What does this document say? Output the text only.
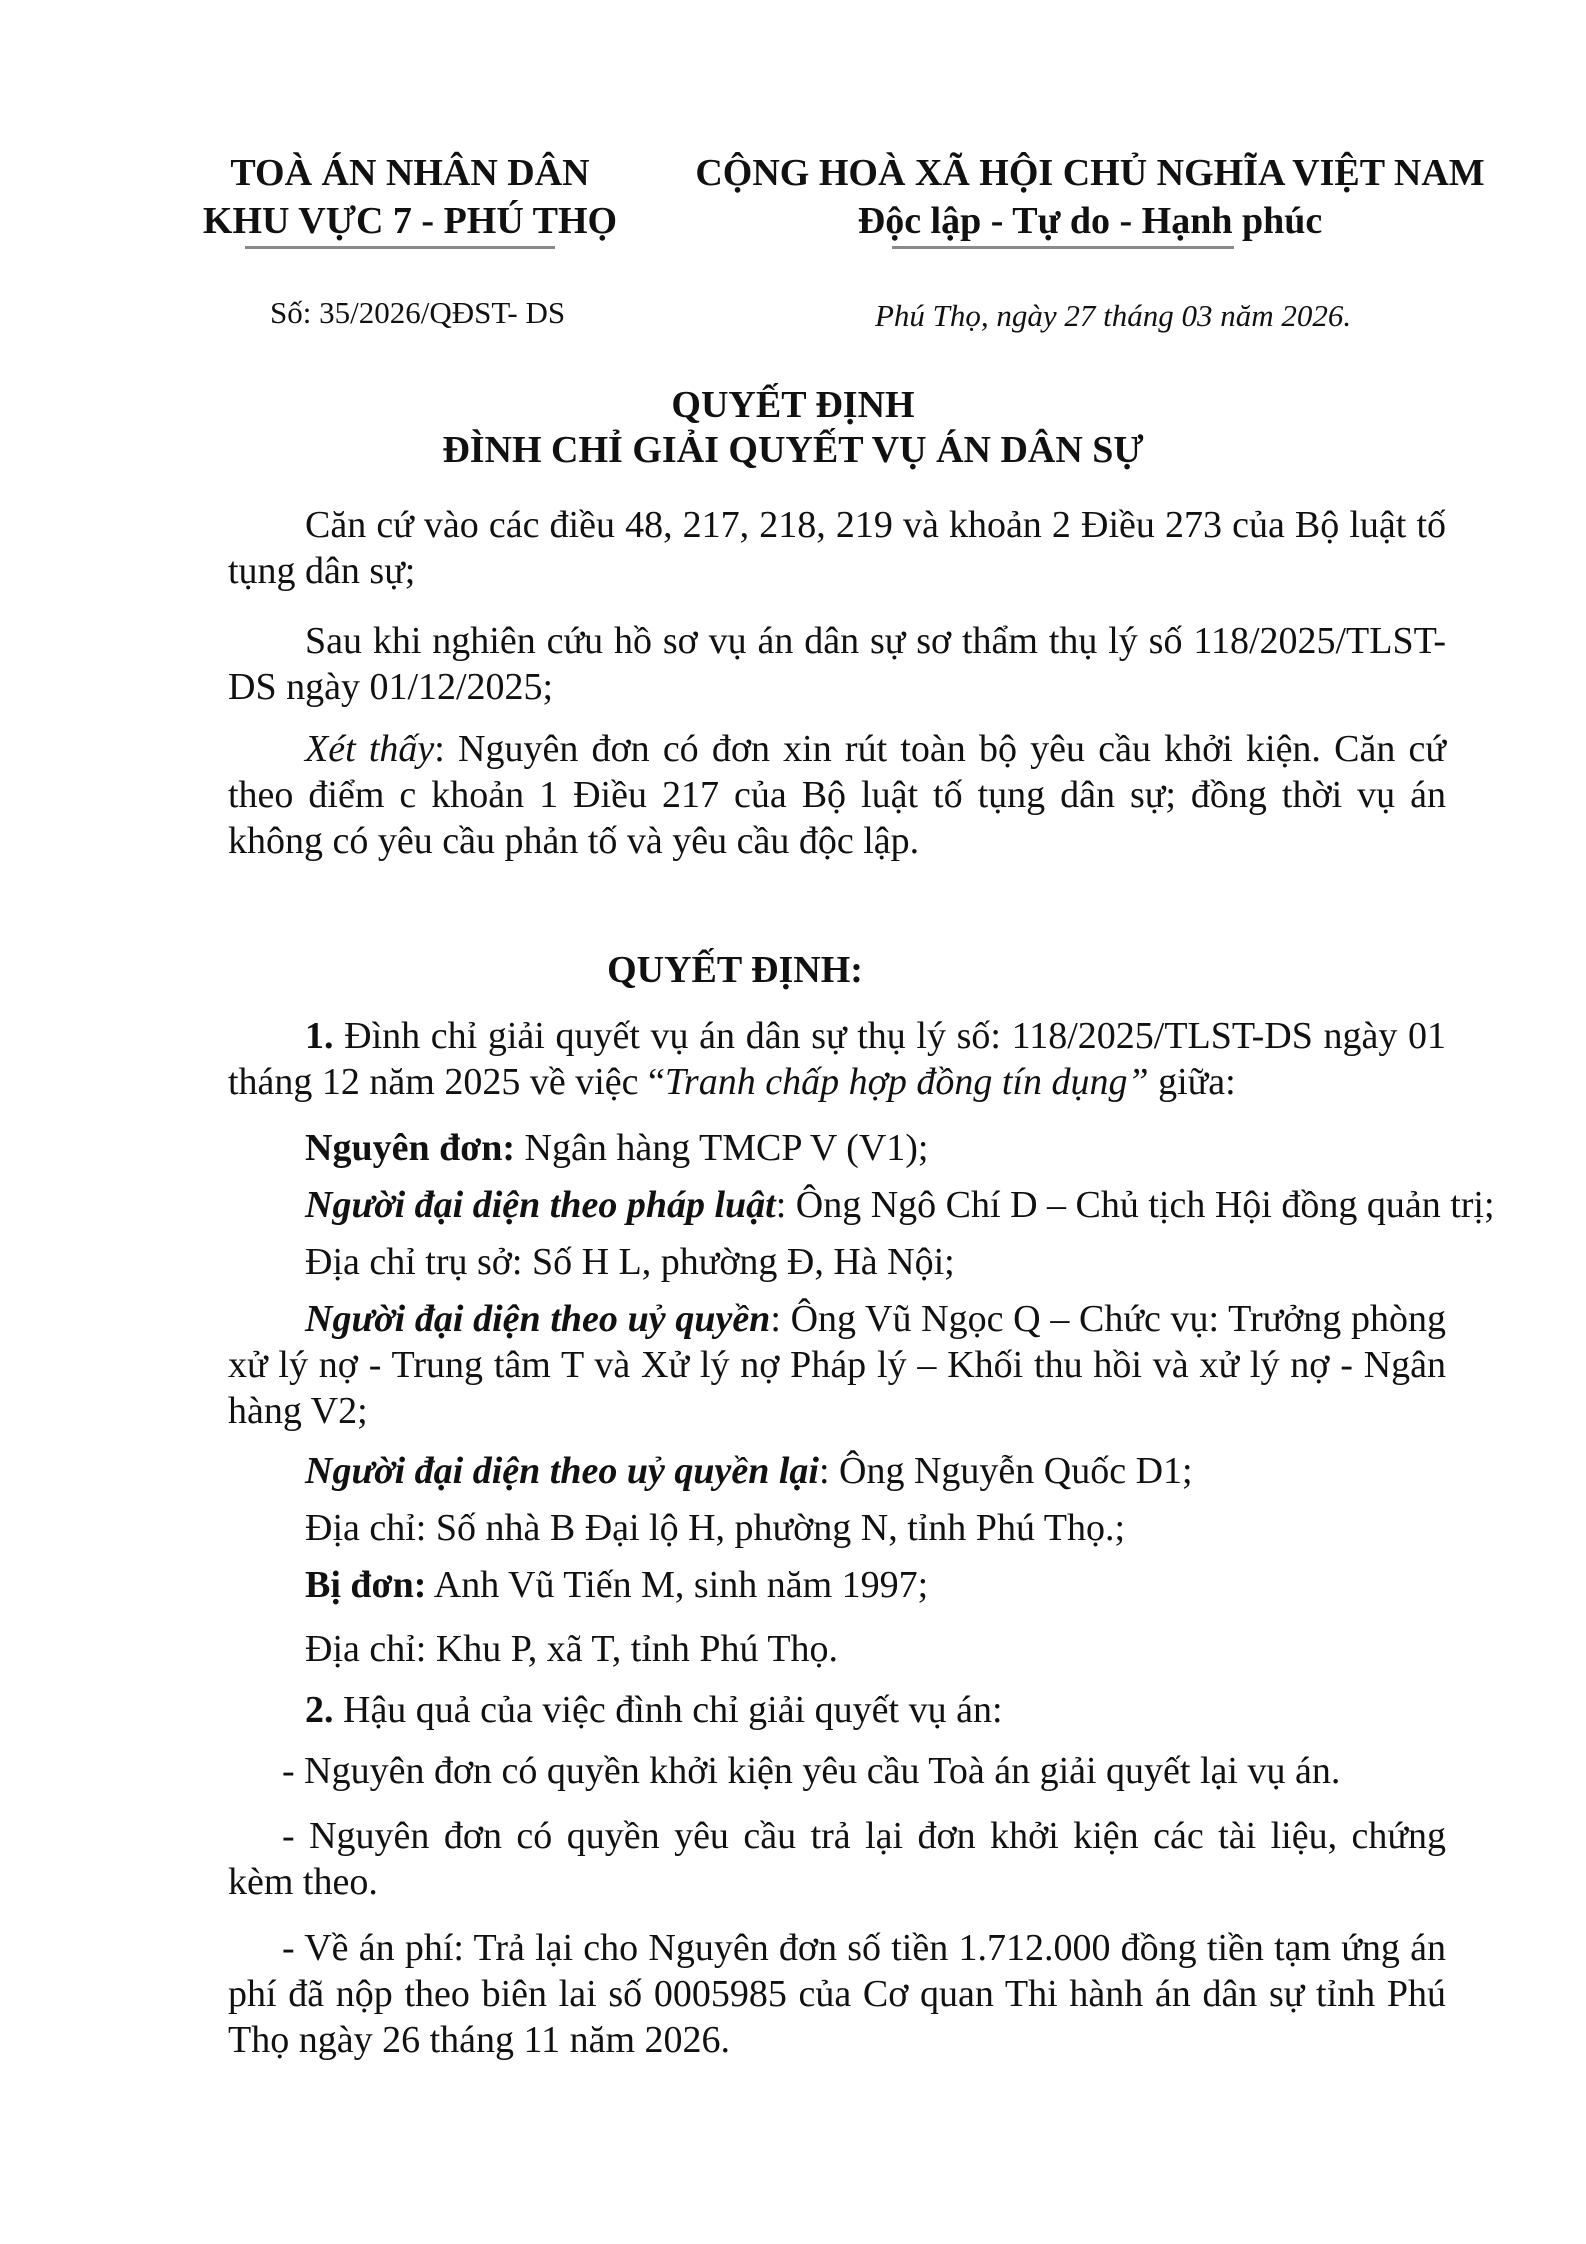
TOÀ ÁN NHÂN DÂN
KHU VỰC 7 - PHÚ THỌ
CỘNG HOÀ XÃ HỘI CHỦ NGHĨA VIỆT NAM
Độc lập - Tự do - Hạnh phúc
Số: 35/2026/QĐST- DS	Phú Thọ, ngày 27 tháng 03 năm 2026.
QUYẾT ĐỊNH
ĐÌNH CHỈ GIẢI QUYẾT VỤ ÁN DÂN SỰ
Căn cứ vào các điều 48, 217, 218, 219 và khoản 2 Điều 273 của Bộ luật tố tụng dân sự;
Sau khi nghiên cứu hồ sơ vụ án dân sự sơ thẩm thụ lý số 118/2025/TLST-DS ngày 01/12/2025;
Xét thấy: Nguyên đơn có đơn xin rút toàn bộ yêu cầu khởi kiện. Căn cứ theo điểm c khoản 1 Điều 217 của Bộ luật tố tụng dân sự; đồng thời vụ án không có yêu cầu phản tố và yêu cầu độc lập.
QUYẾT ĐỊNH:
1. Đình chỉ giải quyết vụ án dân sự thụ lý số: 118/2025/TLST-DS ngày 01 tháng 12 năm 2025 về việc “Tranh chấp hợp đồng tín dụng” giữa:
Nguyên đơn: Ngân hàng TMCP V (V1);
Người đại diện theo pháp luật: Ông Ngô Chí D – Chủ tịch Hội đồng quản trị;
Địa chỉ trụ sở: Số H L, phường Đ, Hà Nội;
Người đại diện theo uỷ quyền: Ông Vũ Ngọc Q – Chức vụ: Trưởng phòng xử lý nợ - Trung tâm T và Xử lý nợ Pháp lý – Khối thu hồi và xử lý nợ - Ngân hàng V2;
Người đại diện theo uỷ quyền lại: Ông Nguyễn Quốc D1;
Địa chỉ: Số nhà B Đại lộ H, phường N, tỉnh Phú Thọ.;
Bị đơn: Anh Vũ Tiến M, sinh năm 1997;
Địa chỉ: Khu P, xã T, tỉnh Phú Thọ.
2. Hậu quả của việc đình chỉ giải quyết vụ án:
- Nguyên đơn có quyền khởi kiện yêu cầu Toà án giải quyết lại vụ án.
- Nguyên đơn có quyền yêu cầu trả lại đơn khởi kiện các tài liệu, chứng kèm theo.
- Về án phí: Trả lại cho Nguyên đơn số tiền 1.712.000 đồng tiền tạm ứng án phí đã nộp theo biên lai số 0005985 của Cơ quan Thi hành án dân sự tỉnh Phú Thọ ngày 26 tháng 11 năm 2026.
